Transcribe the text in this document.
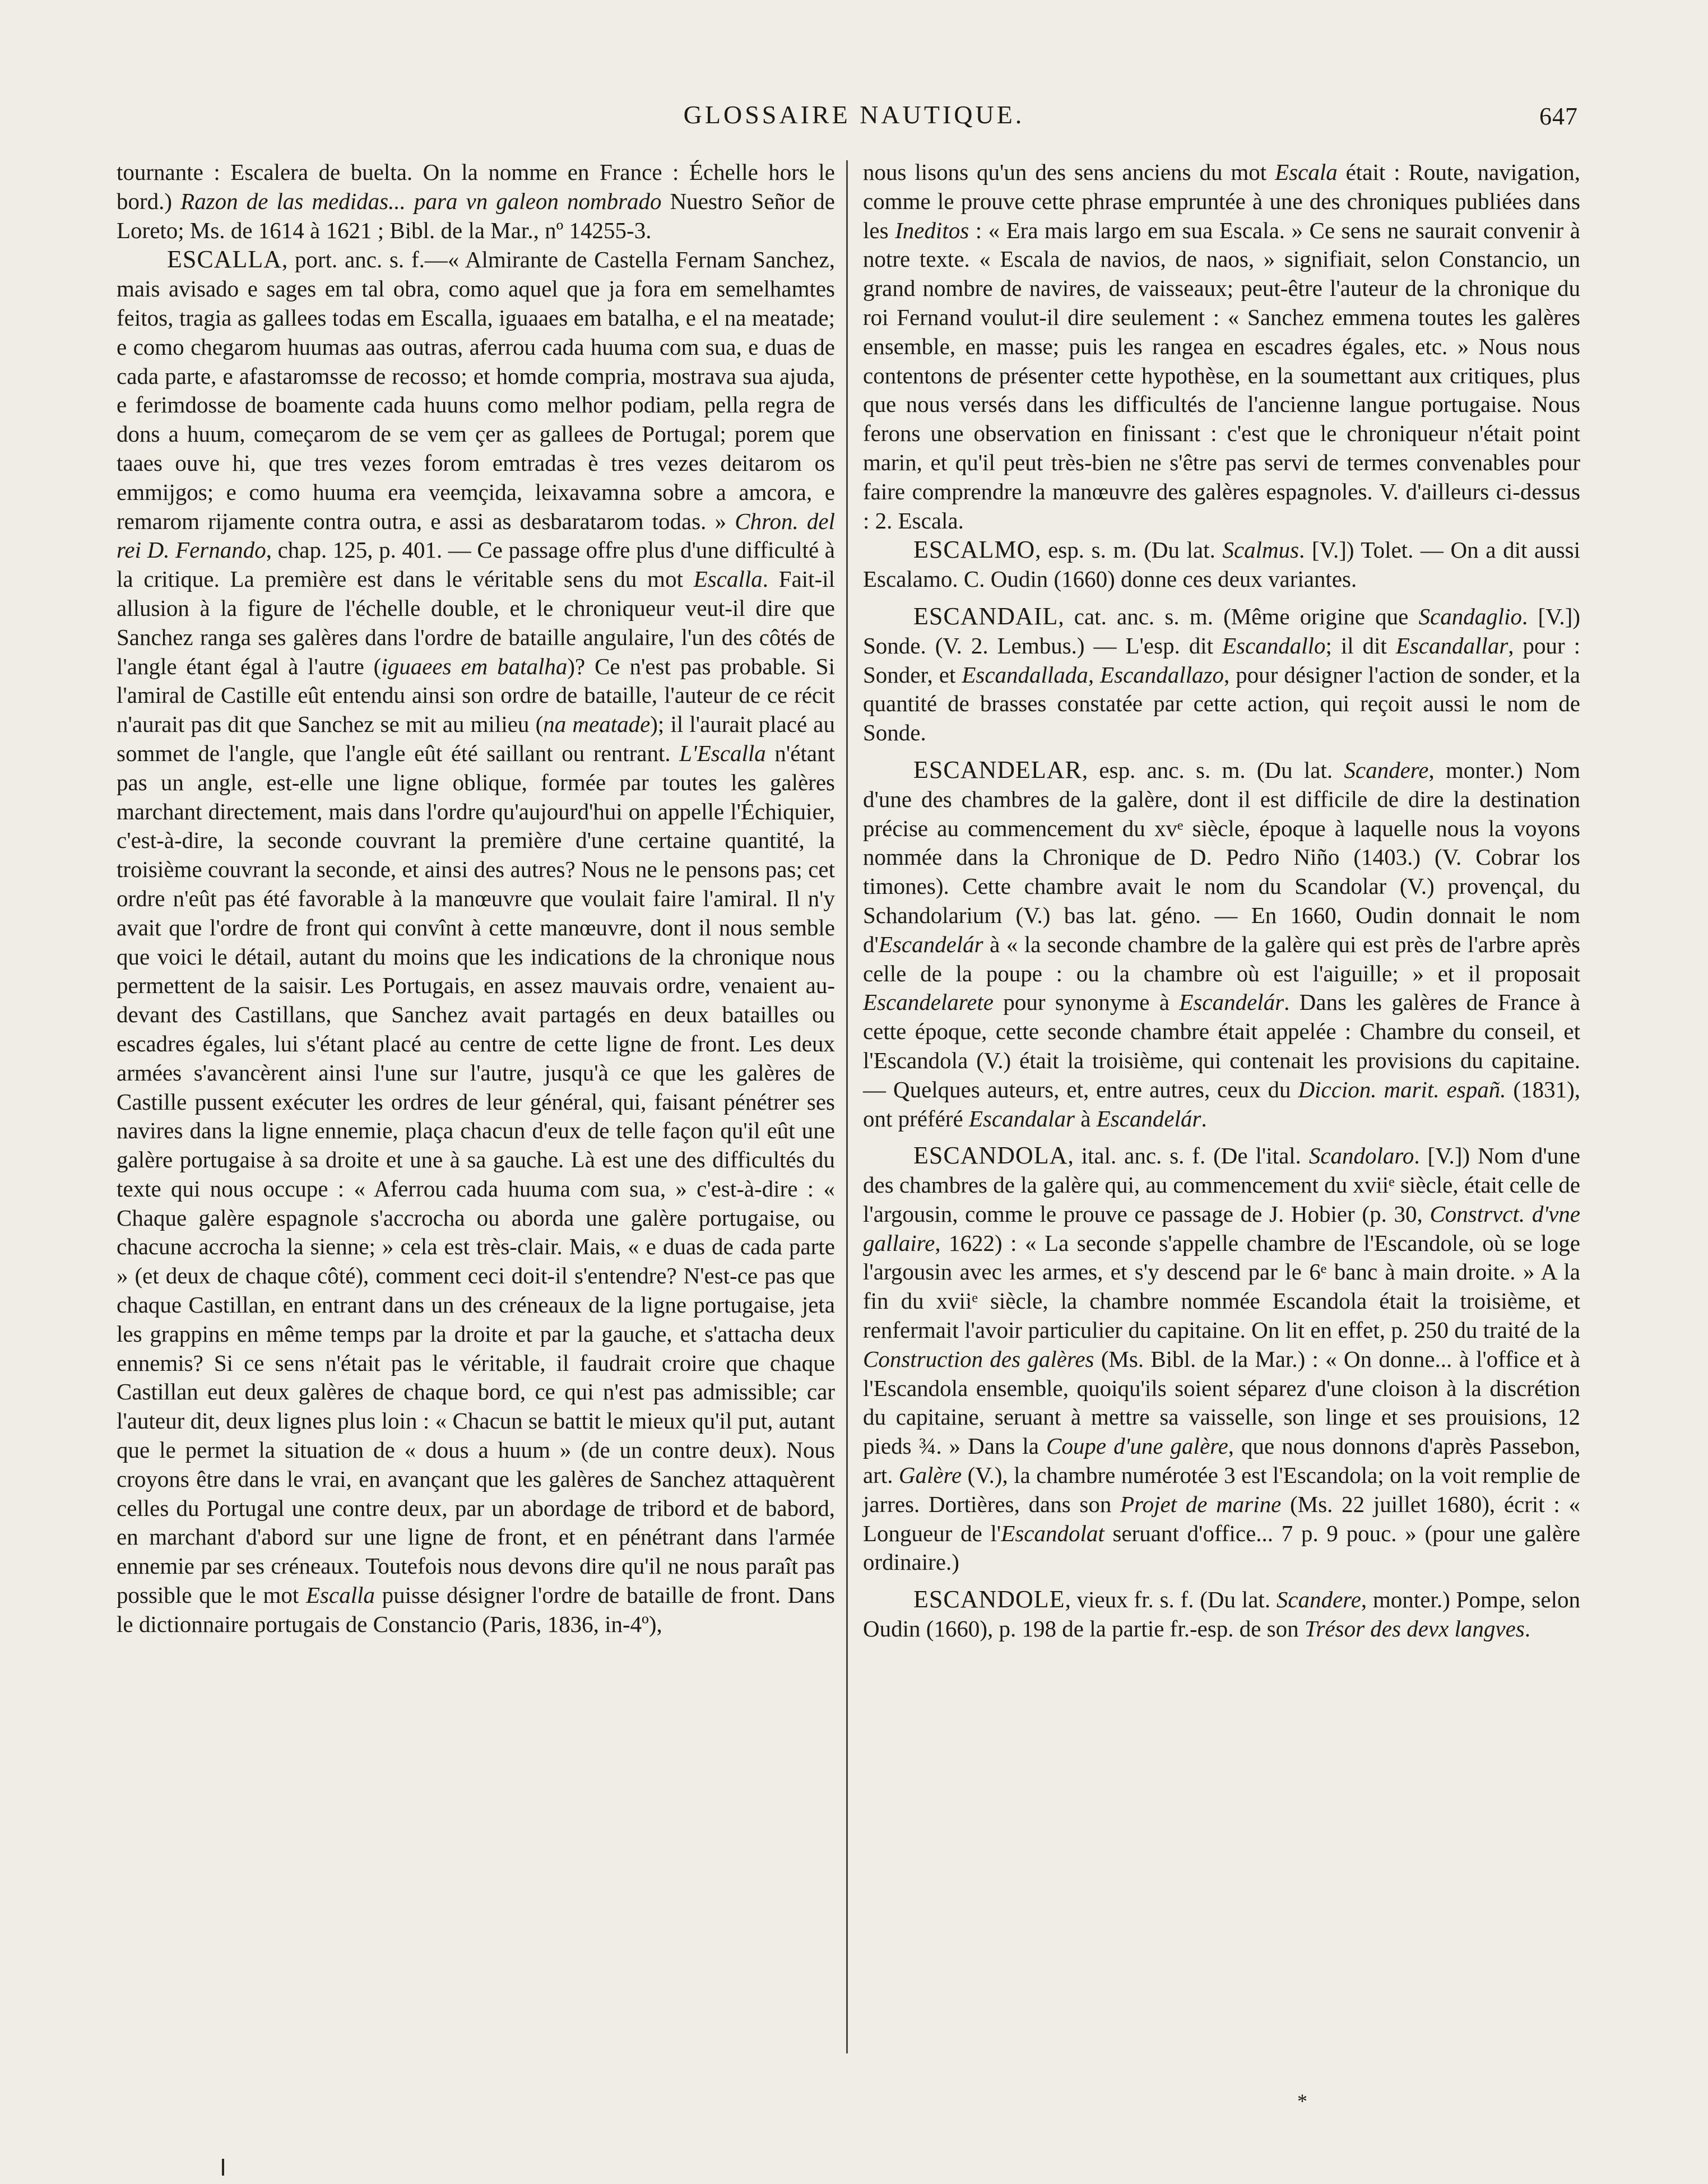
GLOSSAIRE NAUTIQUE.	647

tournante : Escalera de buelta. On la nomme en France : Échelle hors le bord.) Razon de las medidas... para vn galeon nombrado Nuestro Señor de Loreto; Ms. de 1614 à 1621 ; Bibl. de la Mar., nº 14255-3.

ESCALLA, port. anc. s. f.—« Almirante de Castella Fernam Sanchez, mais avisado e sages em tal obra, como aquel que ja fora em semelhamtes feitos, tragia as gallees todas em Escalla, iguaaes em batalha, e el na meatade; e como chegarom huumas aas outras, aferrou cada huuma com sua, e duas de cada parte, e afastaromsse de recosso; et homde compria, mostrava sua ajuda, e ferimdosse de boamente cada huuns como melhor podiam, pella regra de dons a huum, começarom de se vem çer as gallees de Portugal; porem que taaes ouve hi, que tres vezes forom emtradas è tres vezes deitarom os emmijgos; e como huuma era veemçida, leixavamna sobre a amcora, e remarom rijamente contra outra, e assi as desbaratarom todas. » Chron. del rei D. Fernando, chap. 125, p. 401. — Ce passage offre plus d'une difficulté à la critique. La première est dans le véritable sens du mot Escalla. Fait-il allusion à la figure de l'échelle double, et le chroniqueur veut-il dire que Sanchez ranga ses galères dans l'ordre de bataille angulaire, l'un des côtés de l'angle étant égal à l'autre (iguaees em batalha)? Ce n'est pas probable. Si l'amiral de Castille eût entendu ainsi son ordre de bataille, l'auteur de ce récit n'aurait pas dit que Sanchez se mit au milieu (na meatade); il l'aurait placé au sommet de l'angle, que l'angle eût été saillant ou rentrant. L'Escalla n'étant pas un angle, est-elle une ligne oblique, formée par toutes les galères marchant directement, mais dans l'ordre qu'aujourd'hui on appelle l'Échiquier, c'est-à-dire, la seconde couvrant la première d'une certaine quantité, la troisième couvrant la seconde, et ainsi des autres? Nous ne le pensons pas; cet ordre n'eût pas été favorable à la manœuvre que voulait faire l'amiral. Il n'y avait que l'ordre de front qui convînt à cette manœuvre, dont il nous semble que voici le détail, autant du moins que les indications de la chronique nous permettent de la saisir. Les Portugais, en assez mauvais ordre, venaient au-devant des Castillans, que Sanchez avait partagés en deux batailles ou escadres égales, lui s'étant placé au centre de cette ligne de front. Les deux armées s'avancèrent ainsi l'une sur l'autre, jusqu'à ce que les galères de Castille pussent exécuter les ordres de leur général, qui, faisant pénétrer ses navires dans la ligne ennemie, plaça chacun d'eux de telle façon qu'il eût une galère portugaise à sa droite et une à sa gauche. Là est une des difficultés du texte qui nous occupe : « Aferrou cada huuma com sua, » c'est-à-dire : « Chaque galère espagnole s'accrocha ou aborda une galère portugaise, ou chacune accrocha la sienne; » cela est très-clair. Mais, « e duas de cada parte » (et deux de chaque côté), comment ceci doit-il s'entendre? N'est-ce pas que chaque Castillan, en entrant dans un des créneaux de la ligne portugaise, jeta les grappins en même temps par la droite et par la gauche, et s'attacha deux ennemis? Si ce sens n'était pas le véritable, il faudrait croire que chaque Castillan eut deux galères de chaque bord, ce qui n'est pas admissible; car l'auteur dit, deux lignes plus loin : « Chacun se battit le mieux qu'il put, autant que le permet la situation de « dous a huum » (de un contre deux). Nous croyons être dans le vrai, en avançant que les galères de Sanchez attaquèrent celles du Portugal une contre deux, par un abordage de tribord et de babord, en marchant d'abord sur une ligne de front, et en pénétrant dans l'armée ennemie par ses créneaux. Toutefois nous devons dire qu'il ne nous paraît pas possible que le mot Escalla puisse désigner l'ordre de bataille de front. Dans le dictionnaire portugais de Constancio (Paris, 1836, in-4º),

nous lisons qu'un des sens anciens du mot Escala était : Route, navigation, comme le prouve cette phrase empruntée à une des chroniques publiées dans les Ineditos : « Era mais largo em sua Escala. » Ce sens ne saurait convenir à notre texte. « Escala de navios, de naos, » signifiait, selon Constancio, un grand nombre de navires, de vaisseaux; peut-être l'auteur de la chronique du roi Fernand voulut-il dire seulement : « Sanchez emmena toutes les galères ensemble, en masse; puis les rangea en escadres égales, etc. » Nous nous contentons de présenter cette hypothèse, en la soumettant aux critiques, plus que nous versés dans les difficultés de l'ancienne langue portugaise. Nous ferons une observation en finissant : c'est que le chroniqueur n'était point marin, et qu'il peut très-bien ne s'être pas servi de termes convenables pour faire comprendre la manœuvre des galères espagnoles. V. d'ailleurs ci-dessus : 2. Escala.

ESCALMO, esp. s. m. (Du lat. Scalmus. [V.]) Tolet. — On a dit aussi Escalamo. C. Oudin (1660) donne ces deux variantes.

ESCANDAIL, cat. anc. s. m. (Même origine que Scandaglio. [V.]) Sonde. (V. 2. Lembus.) — L'esp. dit Escandallo; il dit Escandallar, pour : Sonder, et Escandallada, Escandallazo, pour désigner l'action de sonder, et la quantité de brasses constatée par cette action, qui reçoit aussi le nom de Sonde.

ESCANDELAR, esp. anc. s. m. (Du lat. Scandere, monter.) Nom d'une des chambres de la galère, dont il est difficile de dire la destination précise au commencement du xvᵉ siècle, époque à laquelle nous la voyons nommée dans la Chronique de D. Pedro Niño (1403.) (V. Cobrar los timones). Cette chambre avait le nom du Scandolar (V.) provençal, du Schandolarium (V.) bas lat. géno. — En 1660, Oudin donnait le nom d'Escandelár à « la seconde chambre de la galère qui est près de l'arbre après celle de la poupe : ou la chambre où est l'aiguille; » et il proposait Escandelarete pour synonyme à Escandelár. Dans les galères de France à cette époque, cette seconde chambre était appelée : Chambre du conseil, et l'Escandola (V.) était la troisième, qui contenait les provisions du capitaine. — Quelques auteurs, et, entre autres, ceux du Diccion. marit. españ. (1831), ont préféré Escandalar à Escandelár.

ESCANDOLA, ital. anc. s. f. (De l'ital. Scandolaro. [V.]) Nom d'une des chambres de la galère qui, au commencement du xviiᵉ siècle, était celle de l'argousin, comme le prouve ce passage de J. Hobier (p. 30, Constrvct. d'vne gallaire, 1622) : « La seconde s'appelle chambre de l'Escandole, où se loge l'argousin avec les armes, et s'y descend par le 6ᵉ banc à main droite. » A la fin du xviiᵉ siècle, la chambre nommée Escandola était la troisième, et renfermait l'avoir particulier du capitaine. On lit en effet, p. 250 du traité de la Construction des galères (Ms. Bibl. de la Mar.) : « On donne... à l'office et à l'Escandola ensemble, quoiqu'ils soient séparez d'une cloison à la discrétion du capitaine, seruant à mettre sa vaisselle, son linge et ses prouisions, 12 pieds ¾. » Dans la Coupe d'une galère, que nous donnons d'après Passebon, art. Galère (V.), la chambre numérotée 3 est l'Escandola; on la voit remplie de jarres. Dortières, dans son Projet de marine (Ms. 22 juillet 1680), écrit : « Longueur de l'Escandolat seruant d'office... 7 p. 9 pouc. » (pour une galère ordinaire.)

ESCANDOLE, vieux fr. s. f. (Du lat. Scandere, monter.) Pompe, selon Oudin (1660), p. 198 de la partie fr.-esp. de son Trésor des devx langves.

*
